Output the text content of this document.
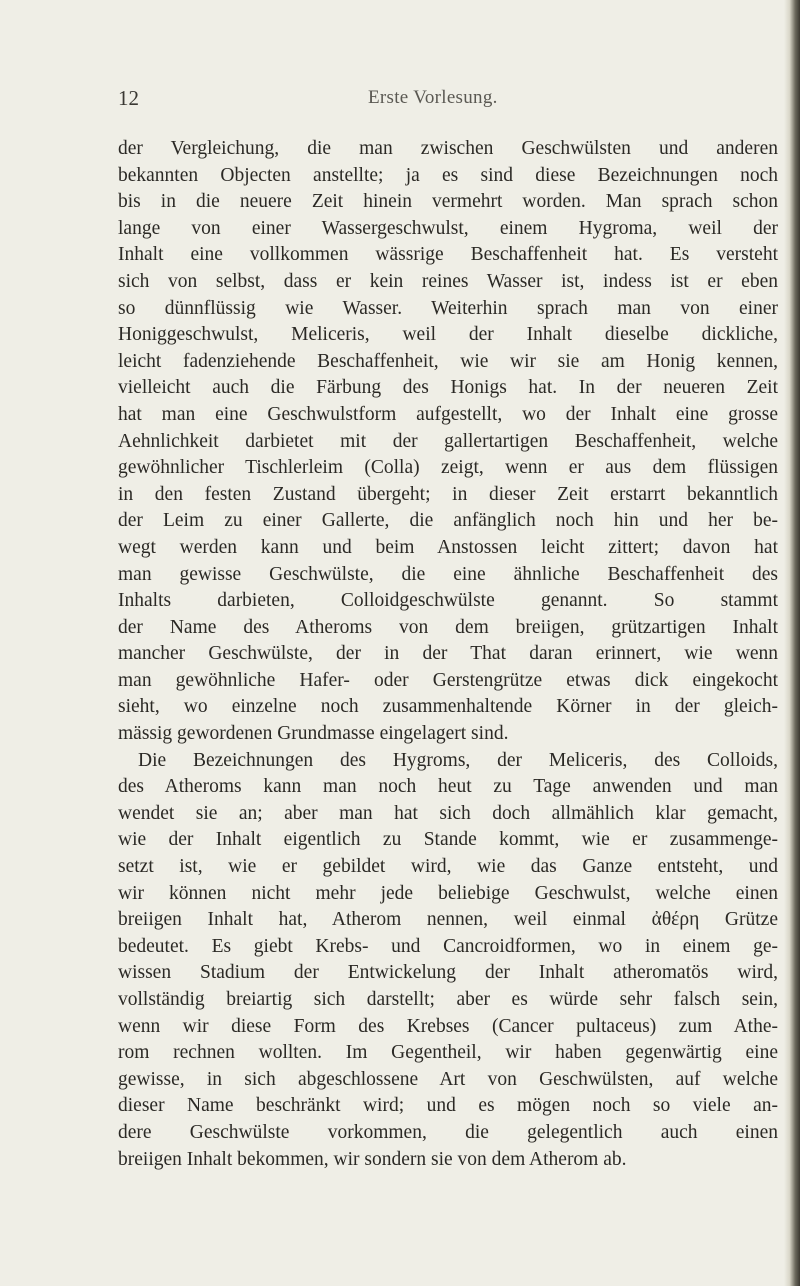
12	Erste Vorlesung.
der Vergleichung, die man zwischen Geschwülsten und anderen
bekannten Objecten anstellte; ja es sind diese Bezeichnungen noch
bis in die neuere Zeit hinein vermehrt worden. Man sprach schon
lange von einer Wassergeschwulst, einem Hygroma, weil der
Inhalt eine vollkommen wässrige Beschaffenheit hat. Es versteht
sich von selbst, dass er kein reines Wasser ist, indess ist er eben
so dünnflüssig wie Wasser. Weiterhin sprach man von einer
Honiggeschwulst, Meliceris, weil der Inhalt dieselbe dickliche,
leicht fadenziehende Beschaffenheit, wie wir sie am Honig kennen,
vielleicht auch die Färbung des Honigs hat. In der neueren Zeit
hat man eine Geschwulstform aufgestellt, wo der Inhalt eine grosse
Aehnlichkeit darbietet mit der gallertartigen Beschaffenheit, welche
gewöhnlicher Tischlerleim (Colla) zeigt, wenn er aus dem flüssigen
in den festen Zustand übergeht; in dieser Zeit erstarrt bekanntlich
der Leim zu einer Gallerte, die anfänglich noch hin und her be-
wegt werden kann und beim Anstossen leicht zittert; davon hat
man gewisse Geschwülste, die eine ähnliche Beschaffenheit des
Inhalts darbieten, Colloidgeschwülste genannt. So stammt
der Name des Atheroms von dem breiigen, grützartigen Inhalt
mancher Geschwülste, der in der That daran erinnert, wie wenn
man gewöhnliche Hafer- oder Gerstengrütze etwas dick eingekocht
sieht, wo einzelne noch zusammenhaltende Körner in der gleich-
mässig gewordenen Grundmasse eingelagert sind.
Die Bezeichnungen des Hygroms, der Meliceris, des Colloids,
des Atheroms kann man noch heut zu Tage anwenden und man
wendet sie an; aber man hat sich doch allmählich klar gemacht,
wie der Inhalt eigentlich zu Stande kommt, wie er zusammenge-
setzt ist, wie er gebildet wird, wie das Ganze entsteht, und
wir können nicht mehr jede beliebige Geschwulst, welche einen
breiigen Inhalt hat, Atherom nennen, weil einmal ἀθέρη Grütze
bedeutet. Es giebt Krebs- und Cancroidformen, wo in einem ge-
wissen Stadium der Entwickelung der Inhalt atheromatös wird,
vollständig breiartig sich darstellt; aber es würde sehr falsch sein,
wenn wir diese Form des Krebses (Cancer pultaceus) zum Athe-
rom rechnen wollten. Im Gegentheil, wir haben gegenwärtig eine
gewisse, in sich abgeschlossene Art von Geschwülsten, auf welche
dieser Name beschränkt wird; und es mögen noch so viele an-
dere Geschwülste vorkommen, die gelegentlich auch einen
breiigen Inhalt bekommen, wir sondern sie von dem Atherom ab.
